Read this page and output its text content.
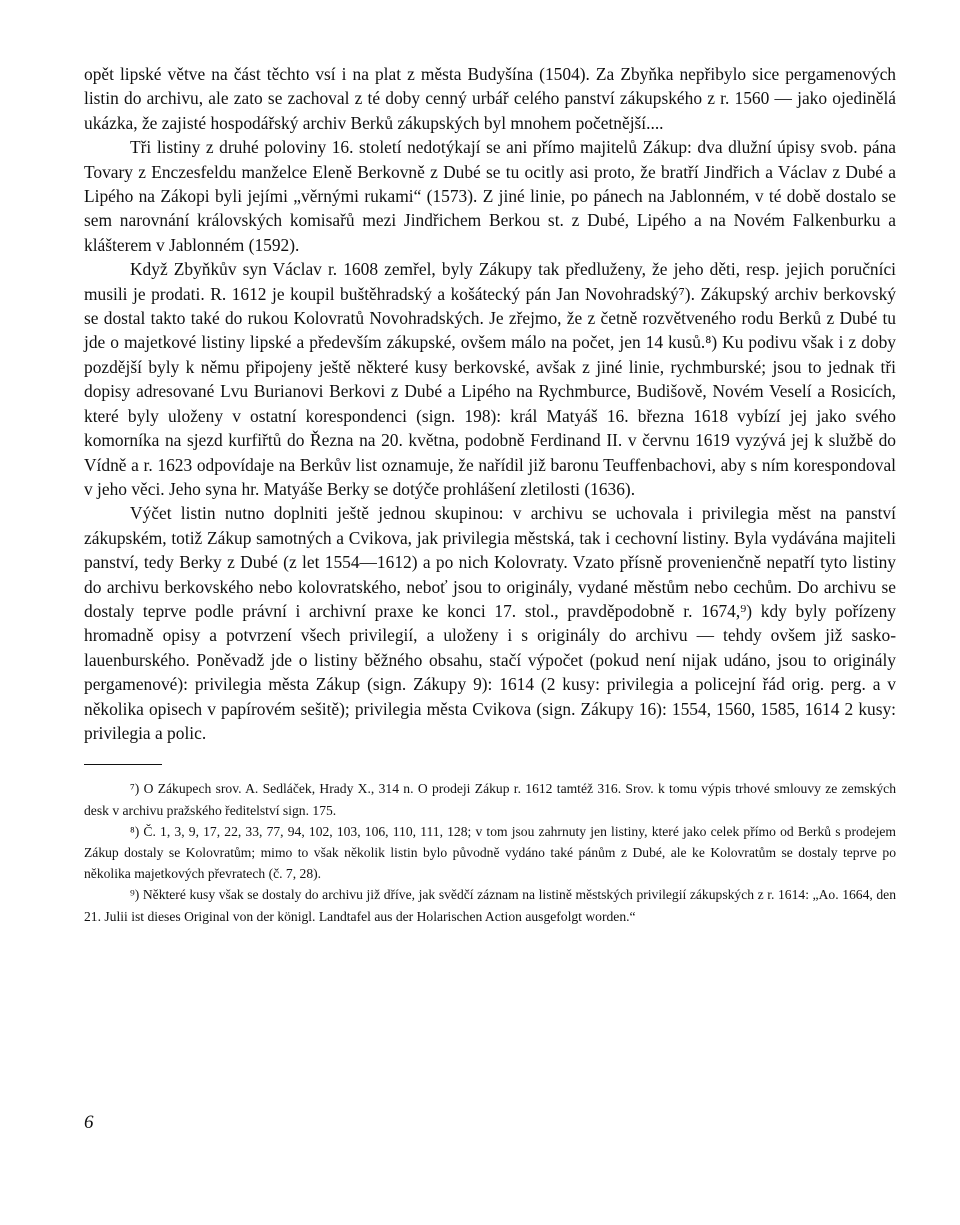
opět lipské větve na část těchto vsí i na plat z města Budyšína (1504). Za Zbyňka nepřibylo sice pergamenových listin do archivu, ale zato se zachoval z té doby cenný urbář celého panství zákupského z r. 1560 — jako ojedinělá ukázka, že zajisté hospodářský archiv Berků zákupských byl mnohem početnější....

Tři listiny z druhé poloviny 16. století nedotýkají se ani přímo majitelů Zákup: dva dlužní úpisy svob. pána Tovary z Enczesfeldu manželce Eleně Berkovně z Dubé se tu ocitly asi proto, že bratří Jindřich a Václav z Dubé a Lipého na Zákopi byli jejími „věrnými rukami“ (1573). Z jiné linie, po pánech na Jablonném, v té době dostalo se sem narovnání královských komisařů mezi Jindřichem Berkou st. z Dubé, Lipého a na Novém Falkenburku a klášterem v Jablonném (1592).

Když Zbyňkův syn Václav r. 1608 zemřel, byly Zákupy tak předluženy, že jeho děti, resp. jejich poručníci musili je prodati. R. 1612 je koupil buštěhradský a košátecký pán Jan Novohradský⁷). Zákupský archiv berkovský se dostal takto také do rukou Kolovratů Novohradských. Je zřejmo, že z četně rozvětveného rodu Berků z Dubé tu jde o majetkové listiny lipské a především zákupské, ovšem málo na počet, jen 14 kusů.⁸) Ku podivu však i z doby pozdější byly k němu připojeny ještě některé kusy berkovské, avšak z jiné linie, rychmburské; jsou to jednak tři dopisy adresované Lvu Burianovi Berkovi z Dubé a Lipého na Rychmburce, Budišově, Novém Veselí a Rosicích, které byly uloženy v ostatní korespondenci (sign. 198): král Matyáš 16. března 1618 vybízí jej jako svého komorníka na sjezd kurfiřtů do Řezna na 20. května, podobně Ferdinand II. v červnu 1619 vyzývá jej k službě do Vídně a r. 1623 odpovídaje na Berkův list oznamuje, že nařídil již baronu Teuffenbachovi, aby s ním korespondoval v jeho věci. Jeho syna hr. Matyáše Berky se dotýče prohlášení zletilosti (1636).

Výčet listin nutno doplniti ještě jednou skupinou: v archivu se uchovala i privilegia měst na panství zákupském, totiž Zákup samotných a Cvikova, jak privilegia městská, tak i cechovní listiny. Byla vydávána majiteli panství, tedy Berky z Dubé (z let 1554—1612) a po nich Kolovraty. Vzato přísně provenienčně nepatří tyto listiny do archivu berkovského nebo kolovratského, neboť jsou to originály, vydané městům nebo cechům. Do archivu se dostaly teprve podle právní i archivní praxe ke konci 17. stol., pravděpodobně r. 1674,⁹) kdy byly pořízeny hromadně opisy a potvrzení všech privilegií, a uloženy i s originály do archivu — tehdy ovšem již sasko-lauenburského. Poněvadž jde o listiny běžného obsahu, stačí výpočet (pokud není nijak udáno, jsou to originály pergamenové): privilegia města Zákup (sign. Zákupy 9): 1614 (2 kusy: privilegia a policejní řád orig. perg. a v několika opisech v papírovém sešitě); privilegia města Cvikova (sign. Zákupy 16): 1554, 1560, 1585, 1614 2 kusy: privilegia a polic.

⁷) O Zákupech srov. A. Sedláček, Hrady X., 314 n. O prodeji Zákup r. 1612 tamtéž 316. Srov. k tomu výpis trhové smlouvy ze zemských desk v archivu pražského ředitelství sign. 175.

⁸) Č. 1, 3, 9, 17, 22, 33, 77, 94, 102, 103, 106, 110, 111, 128; v tom jsou zahrnuty jen listiny, které jako celek přímo od Berků s prodejem Zákup dostaly se Kolovratům; mimo to však několik listin bylo původně vydáno také pánům z Dubé, ale ke Kolovratům se dostaly teprve po několika majetkových převratech (č. 7, 28).

⁹) Některé kusy však se dostaly do archivu již dříve, jak svědčí záznam na listině městských privilegií zákupských z r. 1614: „Ao. 1664, den 21. Julii ist dieses Original von der königl. Landtafel aus der Holarischen Action ausgefolgt worden.“

6
